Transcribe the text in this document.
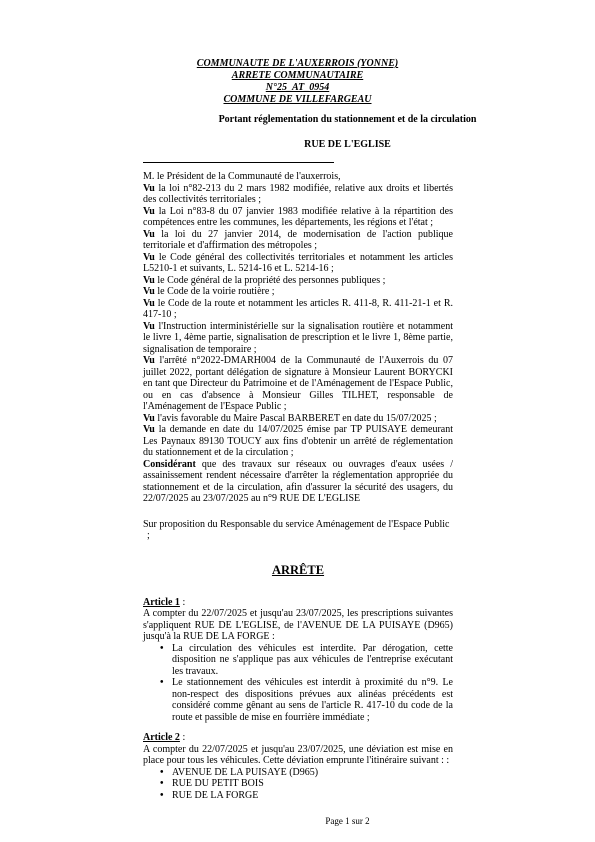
COMMUNAUTE DE L'AUXERROIS (YONNE)
ARRETE COMMUNAUTAIRE
N°25_AT_0954
COMMUNE DE VILLEFARGEAU
Portant réglementation du stationnement et de la circulation
RUE DE L'EGLISE

M. le Président de la Communauté de l'auxerrois,

Vu la loi n°82-213 du 2 mars 1982 modifiée, relative aux droits et libertés des collectivités territoriales ;

Vu la Loi n°83-8 du 07 janvier 1983 modifiée relative à la répartition des compétences entre les communes, les départements, les régions et l'état ;

Vu la loi du 27 janvier 2014, de modernisation de l'action publique territoriale et d'affirmation des métropoles ;

Vu le Code général des collectivités territoriales et notamment les articles L5210-1 et suivants, L. 5214-16 et L. 5214-16 ;

Vu le Code général de la propriété des personnes publiques ;

Vu le Code de la voirie routière ;

Vu le Code de la route et notamment les articles R. 411-8, R. 411-21-1 et R. 417-10 ;

Vu l'Instruction interministérielle sur la signalisation routière et notamment le livre 1, 4ème partie, signalisation de prescription et le livre 1, 8ème partie, signalisation de temporaire ;

Vu l'arrêté n°2022-DMARH004 de la Communauté de l'Auxerrois du 07 juillet 2022, portant délégation de signature à Monsieur Laurent BORYCKI en tant que Directeur du Patrimoine et de l'Aménagement de l'Espace Public, ou en cas d'absence à Monsieur Gilles TILHET, responsable de l'Aménagement de l'Espace Public ;

Vu l'avis favorable du Maire Pascal BARBERET en date du 15/07/2025 ;

Vu la demande en date du 14/07/2025 émise par TP PUISAYE demeurant Les Paynaux 89130 TOUCY aux fins d'obtenir un arrêté de réglementation du stationnement et de la circulation ;

Considérant que des travaux sur réseaux ou ouvrages d'eaux usées / assainissement rendent nécessaire d'arrêter la réglementation appropriée du stationnement et de la circulation, afin d'assurer la sécurité des usagers, du 22/07/2025 au 23/07/2025 au n°9 RUE DE L'EGLISE

Sur proposition du Responsable du service Aménagement de l'Espace Public
;

ARRÊTE

Article 1 :

A compter du 22/07/2025 et jusqu'au 23/07/2025, les prescriptions suivantes s'appliquent RUE DE L'EGLISE, de l'AVENUE DE LA PUISAYE (D965) jusqu'à la RUE DE LA FORGE :

• La circulation des véhicules est interdite. Par dérogation, cette disposition ne s'applique pas aux véhicules de l'entreprise exécutant les travaux.
• Le stationnement des véhicules est interdit à proximité du n°9. Le non-respect des dispositions prévues aux alinéas précédents est considéré comme gênant au sens de l'article R. 417-10 du code de la route et passible de mise en fourrière immédiate ;

Article 2 :

A compter du 22/07/2025 et jusqu'au 23/07/2025, une déviation est mise en place pour tous les véhicules. Cette déviation emprunte l'itinéraire suivant : :

• AVENUE DE LA PUISAYE (D965)
• RUE DU PETIT BOIS
• RUE DE LA FORGE
Page 1 sur 2
